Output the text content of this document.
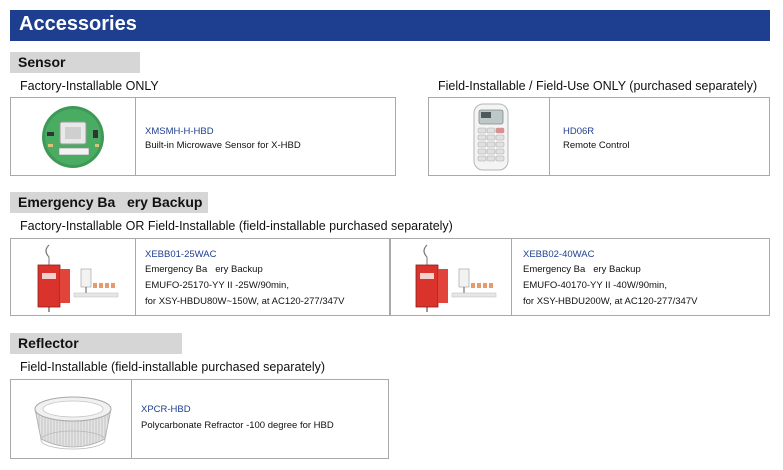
Accessories
Sensor
Factory-Installable ONLY	Field-Installable / Field-Use ONLY (purchased separately)
XMSMH-H-HBD
Built-in Microwave Sensor for X-HBD
HD06R
Remote Control
Emergency Ba   ery Backup
Factory-Installable OR Field-Installable (field-installable purchased separately)
XEBB01-25WAC
Emergency Ba   ery Backup
EMUFO-25170-YY II -25W/90min,
for XSY-HBDU80W~150W, at AC120-277/347V
XEBB02-40WAC
Emergency Ba   ery Backup
EMUFO-40170-YY II -40W/90min,
for XSY-HBDU200W, at AC120-277/347V
Reflector
Field-Installable (field-installable purchased separately)
XPCR-HBD
Polycarbonate Refractor -100 degree for HBD
